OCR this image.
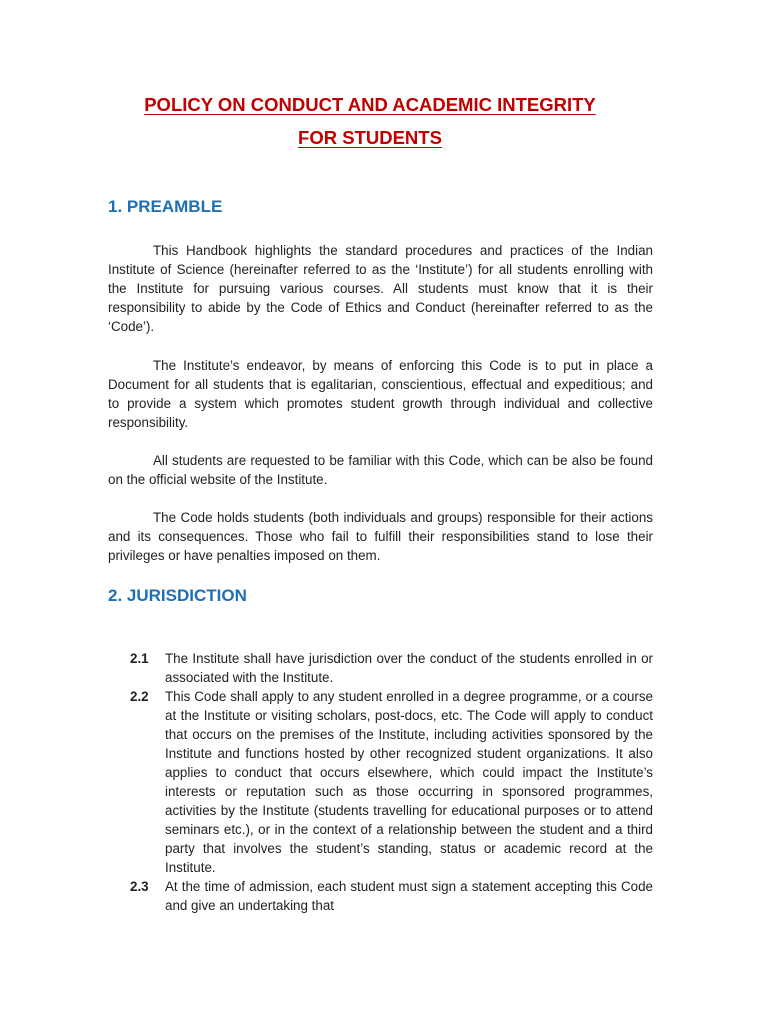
POLICY ON CONDUCT AND ACADEMIC INTEGRITY
FOR STUDENTS
1. PREAMBLE

This Handbook highlights the standard procedures and practices of the Indian Institute of Science (hereinafter referred to as the ‘Institute’) for all students enrolling with the Institute for pursuing various courses. All students must know that it is their responsibility to abide by the Code of Ethics and Conduct (hereinafter referred to as the ‘Code’).

The Institute’s endeavor, by means of enforcing this Code is to put in place a Document for all students that is egalitarian, conscientious, effectual and expeditious; and to provide a system which promotes student growth through individual and collective responsibility.

All students are requested to be familiar with this Code, which can be also be found on the official website of the Institute.

The Code holds students (both individuals and groups) responsible for their actions and its consequences. Those who fail to fulfill their responsibilities stand to lose their privileges or have penalties imposed on them.

2. JURISDICTION
2.1	The Institute shall have jurisdiction over the conduct of the students enrolled in or associated with the Institute.
2.2	This Code shall apply to any student enrolled in a degree programme, or a course at the Institute or visiting scholars, post-docs, etc. The Code will apply to conduct that occurs on the premises of the Institute, including activities sponsored by the Institute and functions hosted by other recognized student organizations. It also applies to conduct that occurs elsewhere, which could impact the Institute’s interests or reputation such as those occurring in sponsored programmes, activities by the Institute (students travelling for educational purposes or to attend seminars etc.), or in the context of a relationship between the student and a third party that involves the student’s standing, status or academic record at the Institute.
2.3	At the time of admission, each student must sign a statement accepting this Code and give an undertaking that
